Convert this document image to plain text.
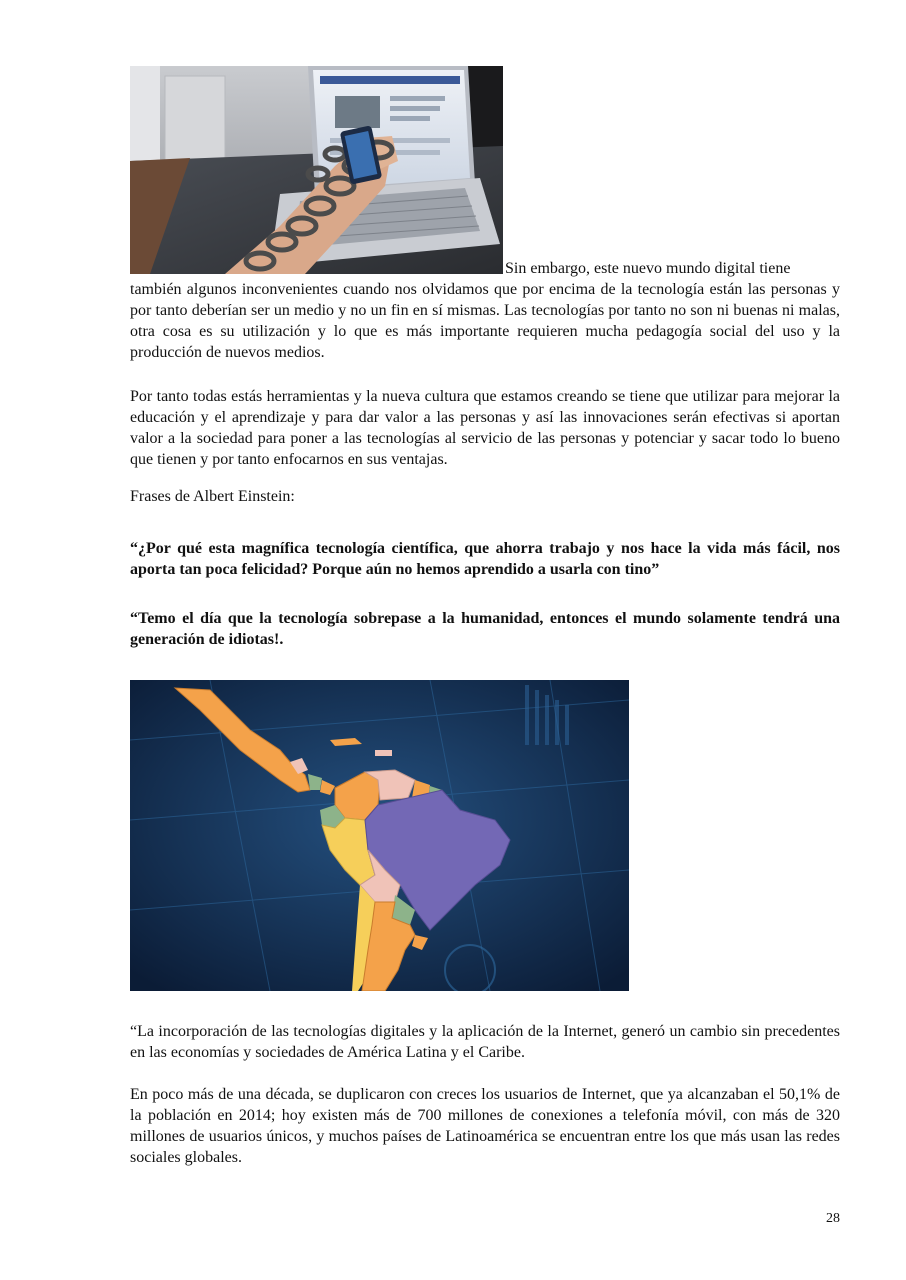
Sin embargo, este nuevo mundo digital tiene
también algunos inconvenientes cuando nos olvidamos que por encima de la tecnología están las personas y por tanto deberían ser un medio y no un fin en sí mismas. Las tecnologías por tanto no son ni buenas ni malas, otra cosa es su utilización y lo que es más importante requieren mucha pedagogía social del uso y la producción de nuevos medios.

Por tanto todas estás herramientas y la nueva cultura que estamos creando se tiene que utilizar para mejorar la educación y el aprendizaje y para dar valor a las personas y así las innovaciones serán efectivas si aportan valor a la sociedad para poner a las tecnologías al servicio de las personas y potenciar y sacar todo lo bueno que tienen y por tanto enfocarnos en sus ventajas.

Frases de Albert Einstein:

“¿Por qué esta magnífica tecnología científica, que ahorra trabajo y nos hace la vida más fácil, nos aporta tan poca felicidad? Porque aún no hemos aprendido a usarla con tino”

“Temo el día que la tecnología sobrepase a la humanidad, entonces el mundo solamente tendrá una generación de idiotas!.

“La incorporación de las tecnologías digitales y la aplicación de la Internet, generó un cambio sin precedentes en las economías y sociedades de América Latina y el Caribe.

En poco más de una década, se duplicaron con creces los usuarios de Internet, que ya alcanzaban el 50,1% de la población en 2014; hoy existen más de 700 millones de conexiones a telefonía móvil, con más de 320 millones de usuarios únicos, y muchos países de Latinoamérica se encuentran entre los que más usan las redes sociales globales.

28
